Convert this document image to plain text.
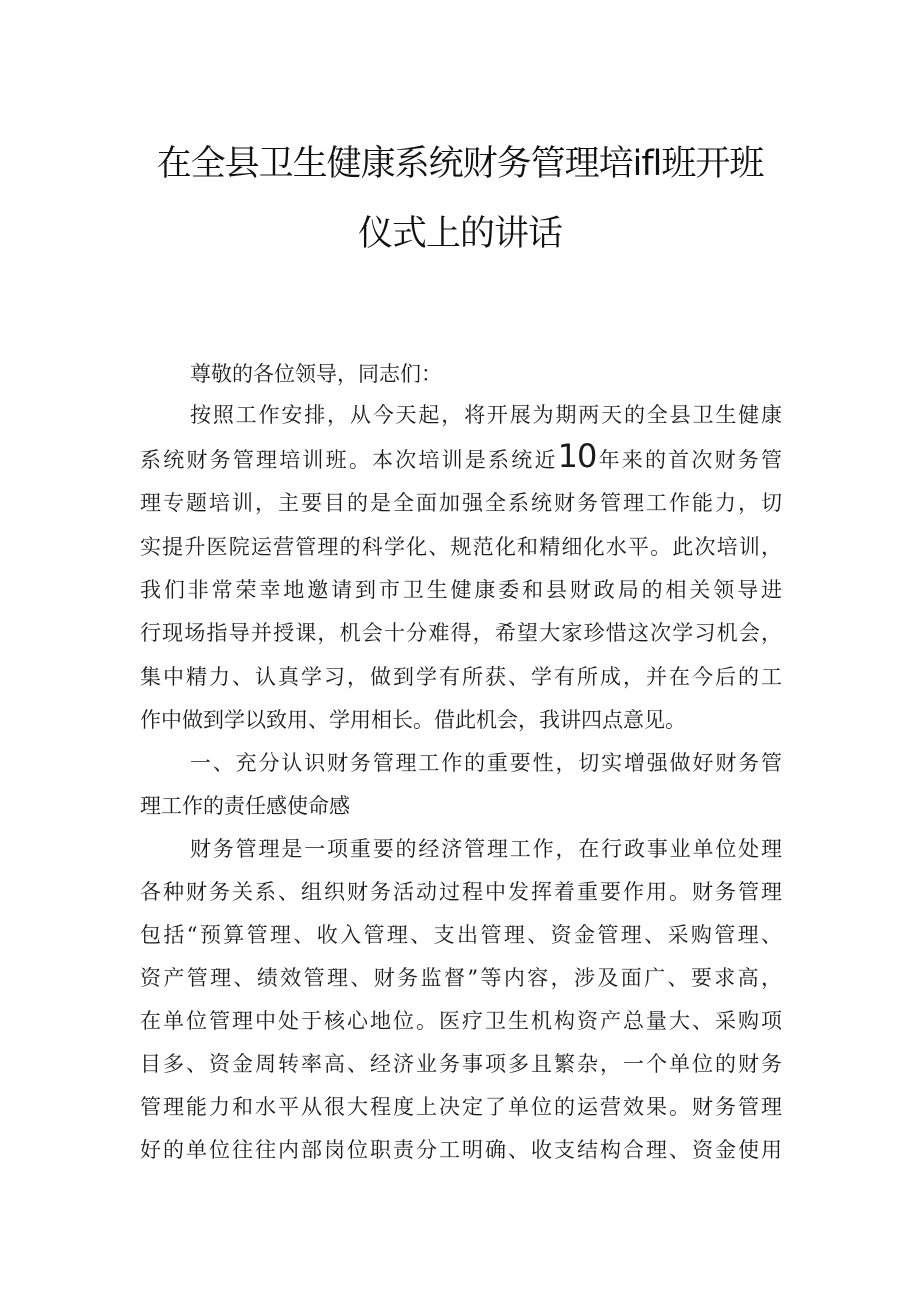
在全县卫生健康系统财务管理培ifl班开班
仪式上的讲话
尊敬的各位领导，同志们：
按照工作安排，从今天起，将开展为期两天的全县卫生健康
系统财务管理培训班。本次培训是系统近10年来的首次财务管
理专题培训，主要目的是全面加强全系统财务管理工作能力，切
实提升医院运营管理的科学化、规范化和精细化水平。此次培训，
我们非常荣幸地邀请到市卫生健康委和县财政局的相关领导进
行现场指导并授课，机会十分难得，希望大家珍惜这次学习机会，
集中精力、认真学习，做到学有所获、学有所成，并在今后的工
作中做到学以致用、学用相长。借此机会，我讲四点意见。
一、充分认识财务管理工作的重要性，切实增强做好财务管
理工作的责任感使命感
财务管理是一项重要的经济管理工作，在行政事业单位处理
各种财务关系、组织财务活动过程中发挥着重要作用。财务管理
包括“预算管理、收入管理、支出管理、资金管理、采购管理、
资产管理、绩效管理、财务监督”等内容，涉及面广、要求高，
在单位管理中处于核心地位。医疗卫生机构资产总量大、采购项
目多、资金周转率高、经济业务事项多且繁杂，一个单位的财务
管理能力和水平从很大程度上决定了单位的运营效果。财务管理
好的单位往往内部岗位职责分工明确、收支结构合理、资金使用
